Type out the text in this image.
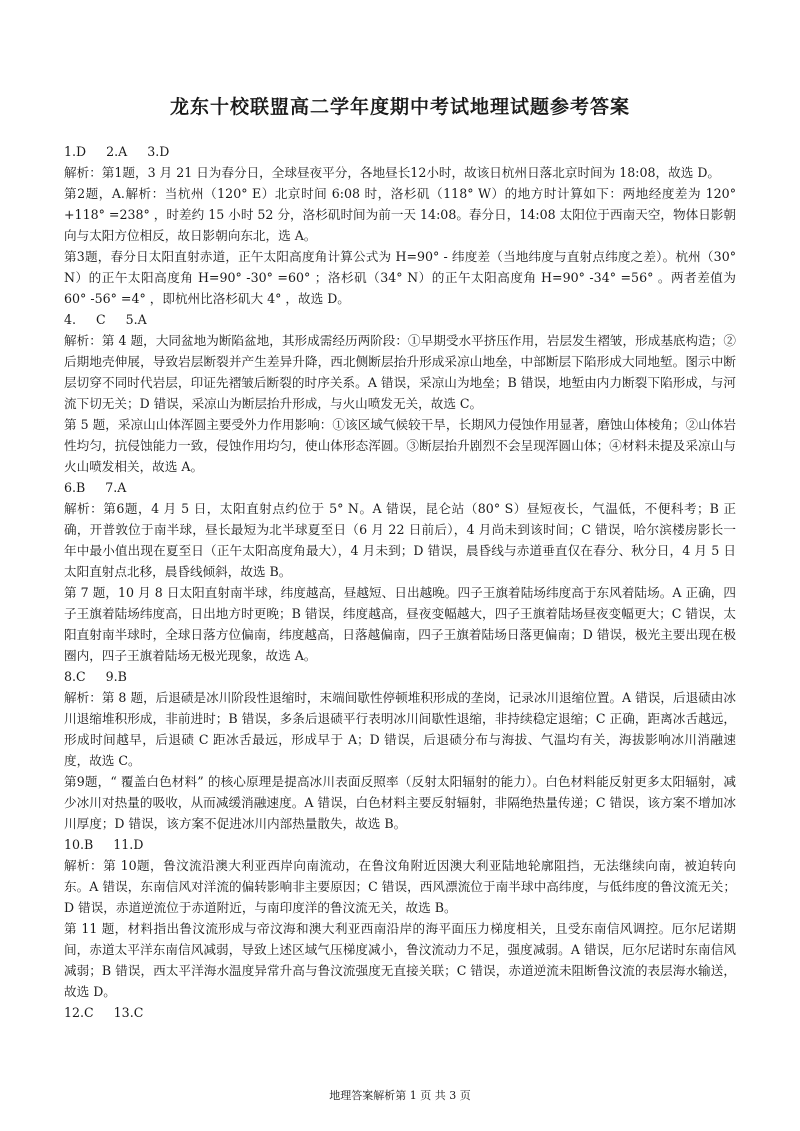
龙东十校联盟高二学年度期中考试地理试题参考答案

1.D 2.A 3.D

解析：第1题，3 月 21 日为春分日，全球昼夜平分，各地昼长12小时，故该日杭州日落北京时间为 18:08，故选 D。

第2题，A.解析：当杭州（120° E）北京时间 6:08 时，洛杉矶（118° W）的地方时计算如下：两地经度差为 120° +118° =238° ，时差约 15 小时 52 分，洛杉矶时间为前一天 14:08。春分日，14:08 太阳位于西南天空，物体日影朝向与太阳方位相反，故日影朝向东北，选 A。

第3题，春分日太阳直射赤道，正午太阳高度角计算公式为 H=90° - 纬度差（当地纬度与直射点纬度之差）。杭州（30° N）的正午太阳高度角 H=90° -30° =60° ；洛杉矶（34° N）的正午太阳高度角 H=90° -34° =56° 。两者差值为 60° -56° =4° ，即杭州比洛杉矶大 4° ，故选 D。

4. C 5.A

解析：第 4 题，大同盆地为断陷盆地，其形成需经历两阶段：①早期受水平挤压作用，岩层发生褶皱，形成基底构造；②后期地壳伸展，导致岩层断裂并产生差异升降，西北侧断层抬升形成采凉山地垒，中部断层下陷形成大同地堑。图示中断层切穿不同时代岩层，印证先褶皱后断裂的时序关系。A 错误，采凉山为地垒；B 错误，地堑由内力断裂下陷形成，与河流下切无关；D 错误，采凉山为断层抬升形成，与火山喷发无关，故选 C。

第 5 题，采凉山山体浑圆主要受外力作用影响：①该区域气候较干旱，长期风力侵蚀作用显著，磨蚀山体棱角；②山体岩性均匀，抗侵蚀能力一致，侵蚀作用均匀，使山体形态浑圆。③断层抬升剧烈不会呈现浑圆山体；④材料未提及采凉山与火山喷发相关，故选 A。

6.B 7.A

解析：第6题，4 月 5 日，太阳直射点约位于 5° N。A 错误，昆仑站（80° S）昼短夜长，气温低，不便科考；B 正确，开普敦位于南半球，昼长最短为北半球夏至日（6 月 22 日前后），4 月尚未到该时间；C 错误，哈尔滨楼房影长一年中最小值出现在夏至日（正午太阳高度角最大），4 月未到；D 错误，晨昏线与赤道垂直仅在春分、秋分日，4 月 5 日太阳直射点北移，晨昏线倾斜，故选 B。

第 7 题，10 月 8 日太阳直射南半球，纬度越高，昼越短、日出越晚。四子王旗着陆场纬度高于东风着陆场。A 正确，四子王旗着陆场纬度高，日出地方时更晚；B 错误，纬度越高，昼夜变幅越大，四子王旗着陆场昼夜变幅更大；C 错误，太阳直射南半球时，全球日落方位偏南，纬度越高，日落越偏南，四子王旗着陆场日落更偏南；D 错误，极光主要出现在极圈内，四子王旗着陆场无极光现象，故选 A。

8.C 9.B

解析：第 8 题，后退碛是冰川阶段性退缩时，末端间歇性停顿堆积形成的垄岗，记录冰川退缩位置。A 错误，后退碛由冰川退缩堆积形成，非前进时；B 错误，多条后退碛平行表明冰川间歇性退缩，非持续稳定退缩；C 正确，距离冰舌越远，形成时间越早，后退碛 C 距冰舌最远，形成早于 A；D 错误，后退碛分布与海拔、气温均有关，海拔影响冰川消融速度，故选 C。

第9题，“ 覆盖白色材料” 的核心原理是提高冰川表面反照率（反射太阳辐射的能力）。白色材料能反射更多太阳辐射，减少冰川对热量的吸收，从而减缓消融速度。A 错误，白色材料主要反射辐射，非隔绝热量传递；C 错误，该方案不增加冰川厚度；D 错误，该方案不促进冰川内部热量散失，故选 B。

10.B 11.D

解析：第 10题，鲁汶流沿澳大利亚西岸向南流动，在鲁汶角附近因澳大利亚陆地轮廓阻挡，无法继续向南，被迫转向东。A 错误，东南信风对洋流的偏转影响非主要原因；C 错误，西风漂流位于南半球中高纬度，与低纬度的鲁汶流无关；D 错误，赤道逆流位于赤道附近，与南印度洋的鲁汶流无关，故选 B。

第 11 题，材料指出鲁汶流形成与帝汶海和澳大利亚西南沿岸的海平面压力梯度相关，且受东南信风调控。厄尔尼诺期间，赤道太平洋东南信风减弱，导致上述区域气压梯度减小，鲁汶流动力不足，强度减弱。A 错误，厄尔尼诺时东南信风减弱；B 错误，西太平洋海水温度异常升高与鲁汶流强度无直接关联；C 错误，赤道逆流未阻断鲁汶流的表层海水输送，故选 D。

12.C 13.C

地理答案解析第 1 页 共 3 页
